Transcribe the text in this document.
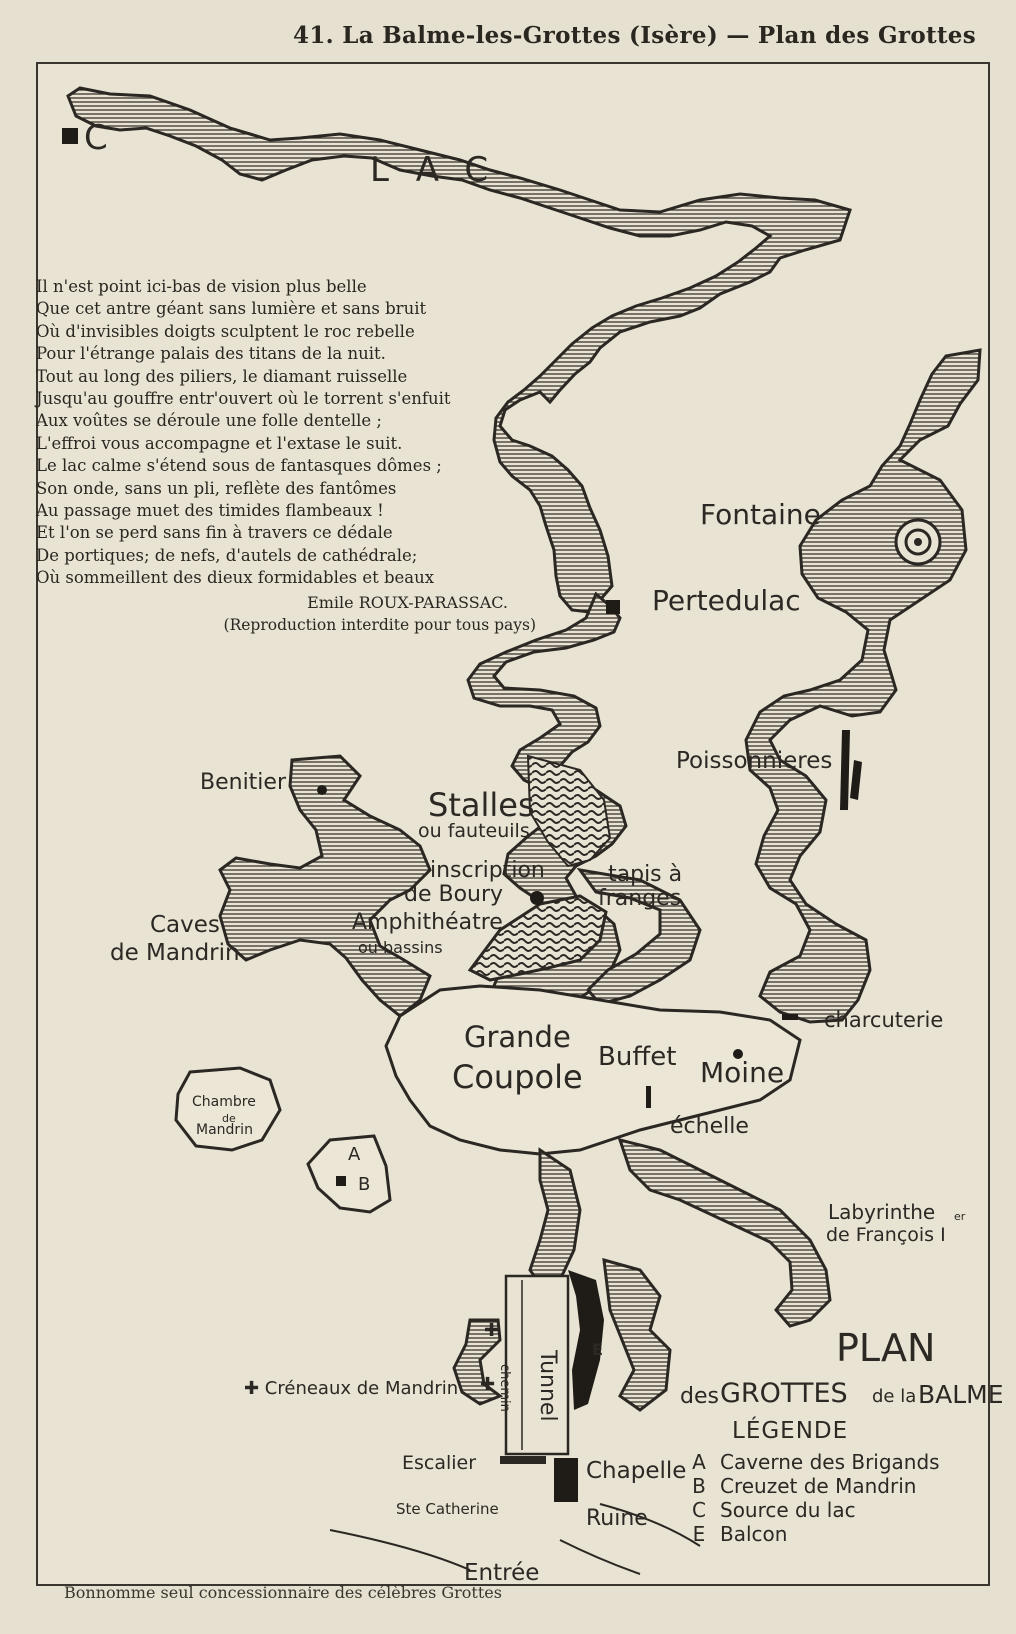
41. La Balme-les-Grottes (Isère) — Plan des Grottes
✚
✚
Il n'est point ici-bas de vision plus belle
Que cet antre géant sans lumière et sans bruit
Où d'invisibles doigts sculptent le roc rebelle
Pour l'étrange palais des titans de la nuit.
Tout au long des piliers, le diamant ruisselle
Jusqu'au gouffre entr'ouvert où le torrent s'enfuit
Aux voûtes se déroule une folle dentelle ;
L'effroi vous accompagne et l'extase le suit.
Le lac calme s'étend sous de fantasques dômes ;
Son onde, sans un pli, reflète des fantômes
Au passage muet des timides flambeaux !
Et l'on se perd sans fin à travers ce dédale
De portiques; de nefs, d'autels de cathédrale;
Où sommeillent des dieux formidables et beaux
Emile ROUX-PARASSAC.
(Reproduction interdite pour tous pays)
C
LAC
Fontaine
Pertedulac
Poissonnieres
Benitier
Stalles
ou fauteuils
inscription
de Boury
tapis à
franges
Caves
de Mandrin
Amphithéatre
ou bassins
charcuterie
Grande
Coupole
Buffet Moine
échelle
Chambre
de
Mandrin
A
B
Labyrinthe
de François I
er
✚ Créneaux de Mandrin	chemin Tunnel
E
Escalier
Ste Catherine
Chapelle
Ruine
Entrée
PLAN
des GROTTES de la BALME
LÉGENDE
A Caverne des Brigands
B Creuzet de Mandrin
C Source du lac
E Balcon
Bonnomme seul concessionnaire des célèbres Grottes
